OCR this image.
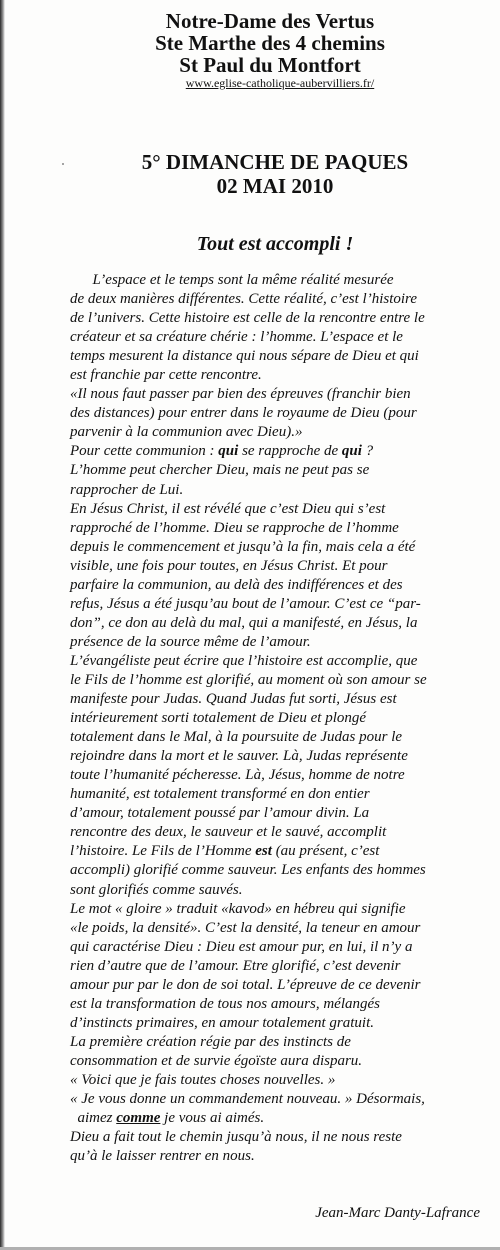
Notre-Dame des Vertus
Ste Marthe des 4 chemins
St Paul du Montfort
www.eglise-catholique-aubervilliers.fr/
5° DIMANCHE DE PAQUES
02 MAI 2010
Tout est accompli !
L’espace et le temps sont la même réalité mesurée
de deux manières différentes. Cette réalité, c’est l’histoire
de l’univers. Cette histoire est celle de la rencontre entre le
créateur et sa créature chérie : l’homme. L’espace et le
temps mesurent la distance qui nous sépare de Dieu et qui
est franchie par cette rencontre.
«Il nous faut passer par bien des épreuves (franchir bien
des distances) pour entrer dans le royaume de Dieu (pour
parvenir à la communion avec Dieu).»
Pour cette communion : qui se rapproche de qui ?
L’homme peut chercher Dieu, mais ne peut pas se
rapprocher de Lui.
En Jésus Christ, il est révélé que c’est Dieu qui s’est
rapproché de l’homme. Dieu se rapproche de l’homme
depuis le commencement et jusqu’à la fin, mais cela a été
visible, une fois pour toutes, en Jésus Christ. Et pour
parfaire la communion, au delà des indifférences et des
refus, Jésus a été jusqu’au bout de l’amour. C’est ce “par-
don”, ce don au delà du mal, qui a manifesté, en Jésus, la
présence de la source même de l’amour.
L’évangéliste peut écrire que l’histoire est accomplie, que
le Fils de l’homme est glorifié, au moment où son amour se
manifeste pour Judas. Quand Judas fut sorti, Jésus est
intérieurement sorti totalement de Dieu et plongé
totalement dans le Mal, à la poursuite de Judas pour le
rejoindre dans la mort et le sauver. Là, Judas représente
toute l’humanité pécheresse. Là, Jésus, homme de notre
humanité, est totalement transformé en don entier
d’amour, totalement poussé par l’amour divin. La
rencontre des deux, le sauveur et le sauvé, accomplit
l’histoire. Le Fils de l’Homme est (au présent, c’est
accompli) glorifié comme sauveur. Les enfants des hommes
sont glorifiés comme sauvés.
Le mot « gloire » traduit «kavod» en hébreu qui signifie
«le poids, la densité». C’est la densité, la teneur en amour
qui caractérise Dieu : Dieu est amour pur, en lui, il n’y a
rien d’autre que de l’amour. Etre glorifié, c’est devenir
amour pur par le don de soi total. L’épreuve de ce devenir
est la transformation de tous nos amours, mélangés
d’instincts primaires, en amour totalement gratuit.
La première création régie par des instincts de
consommation et de survie égoïste aura disparu.
« Voici que je fais toutes choses nouvelles. »
« Je vous donne un commandement nouveau. » Désormais,
aimez comme je vous ai aimés.
Dieu a fait tout le chemin jusqu’à nous, il ne nous reste
qu’à le laisser rentrer en nous.
Jean-Marc Danty-Lafrance
